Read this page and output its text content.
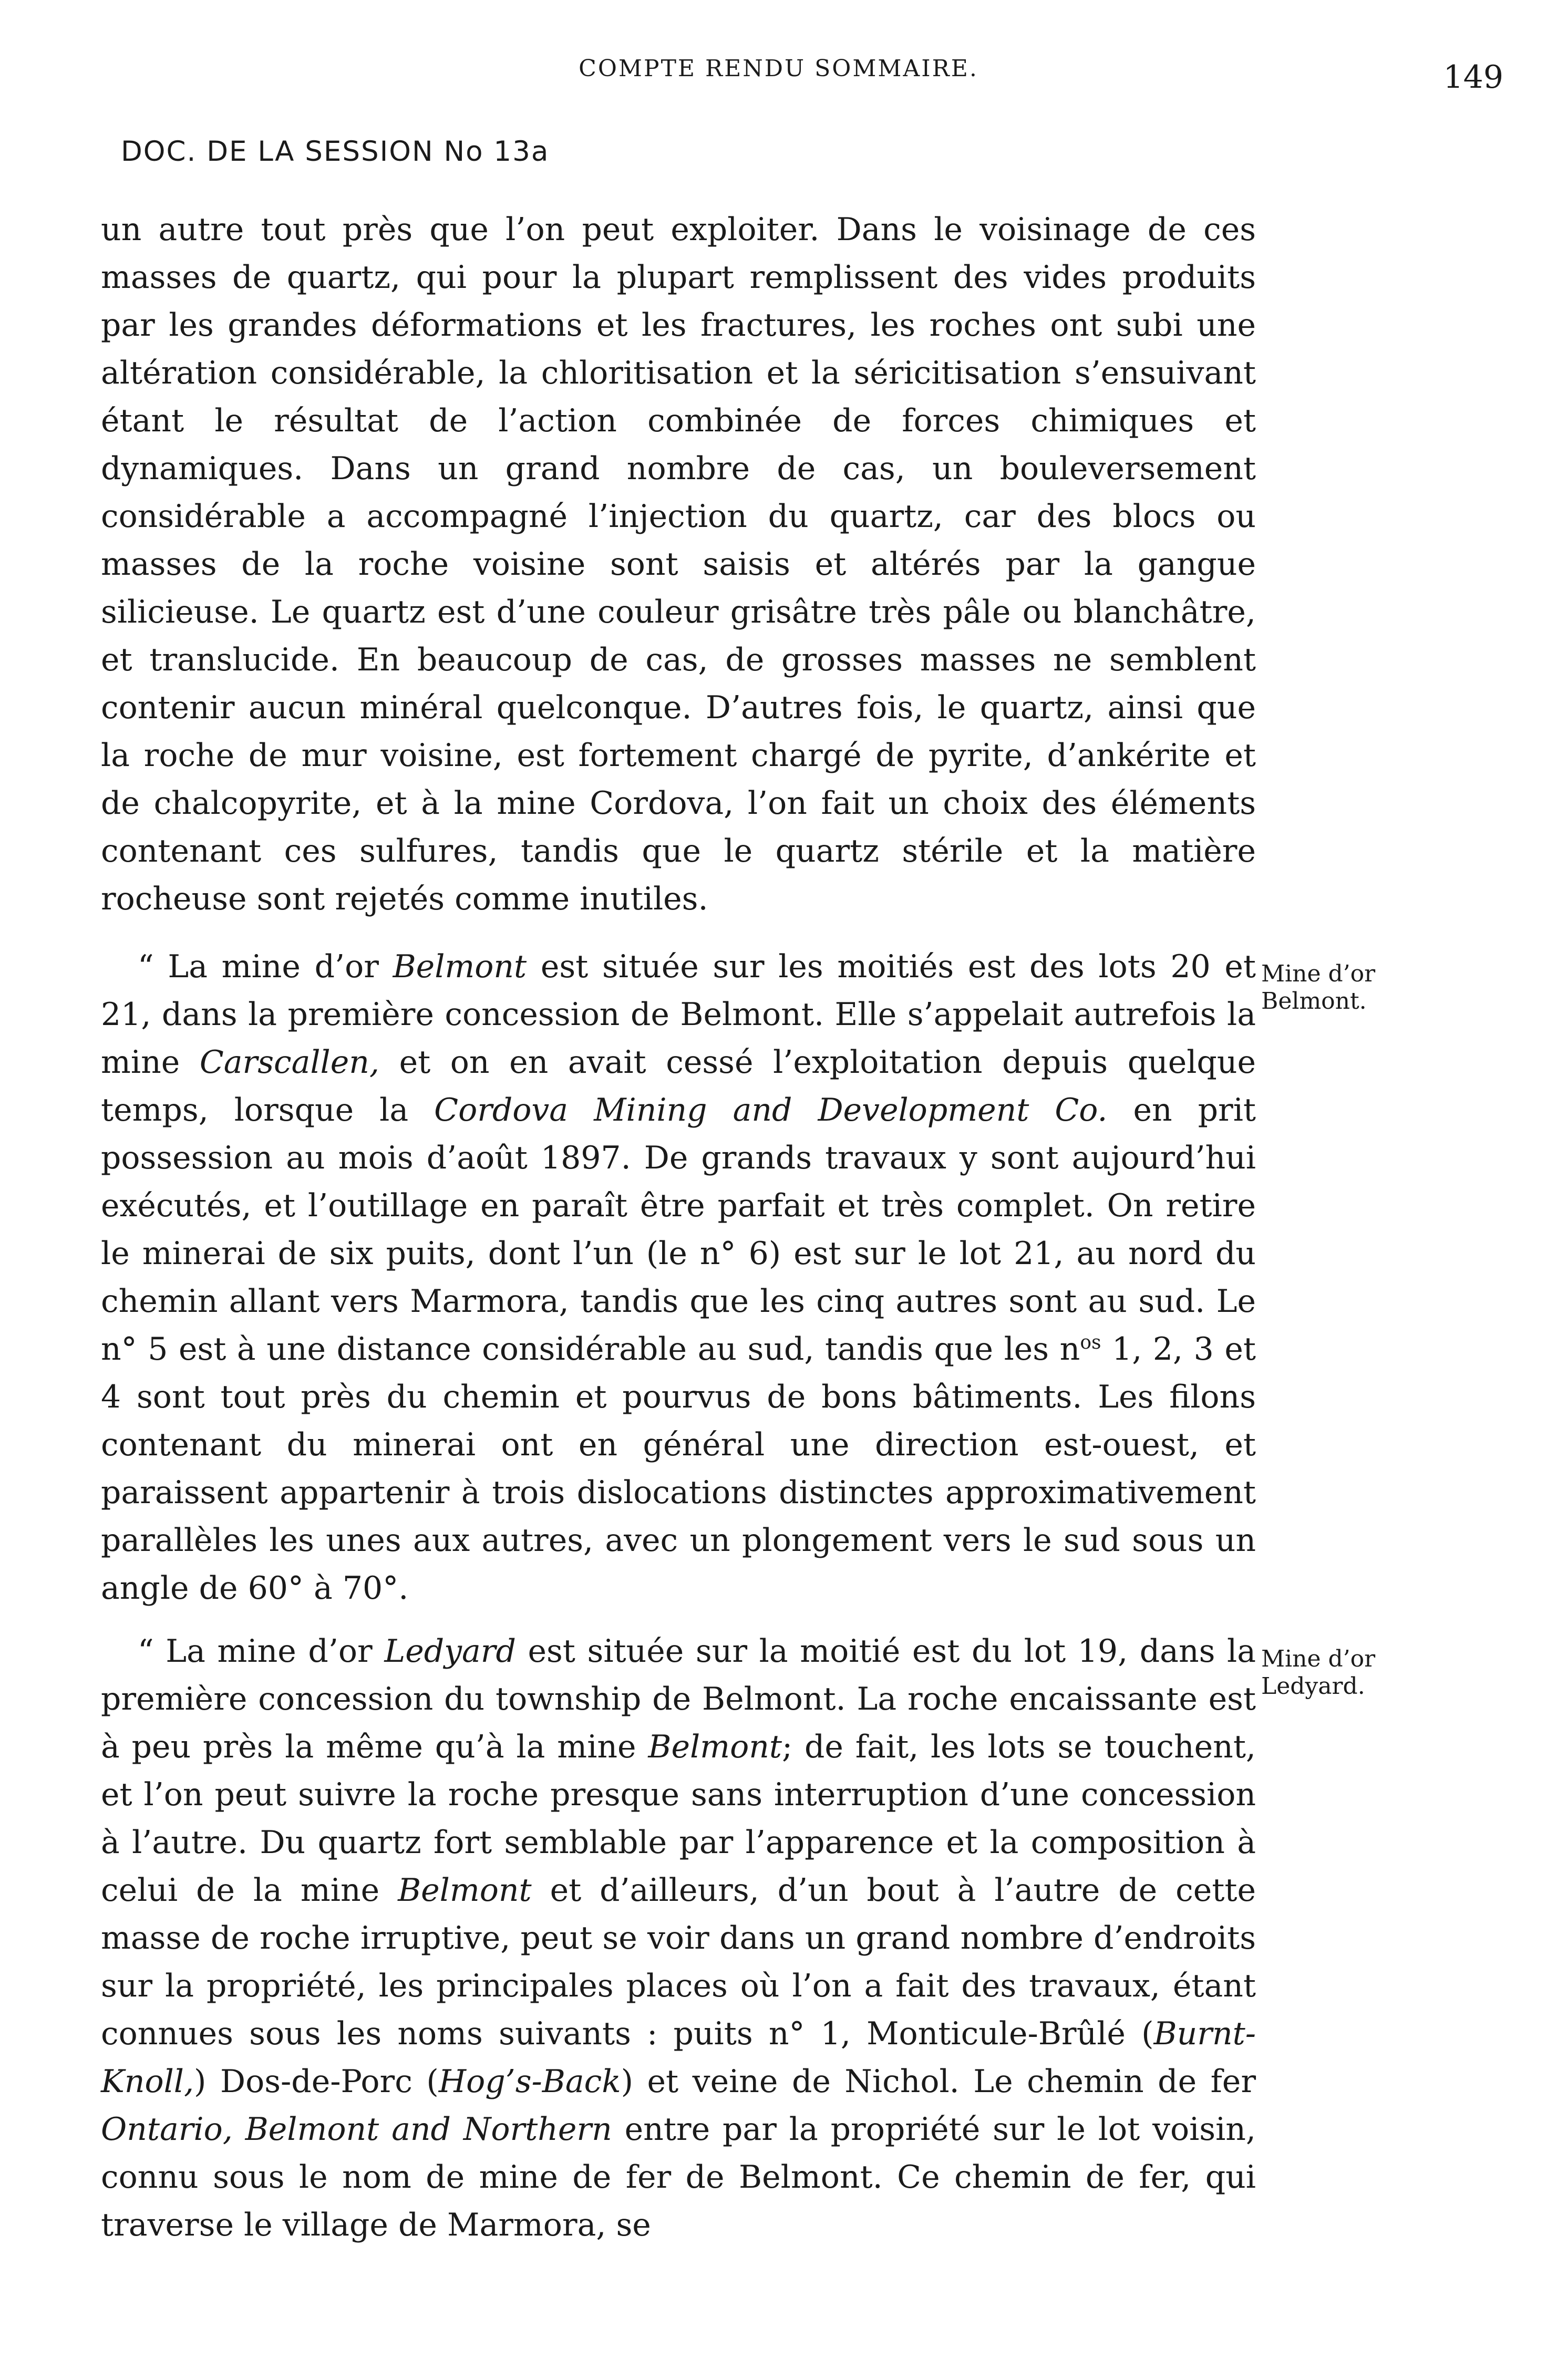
COMPTE RENDU SOMMAIRE.	149
DOC. DE LA SESSION No 13a

un autre tout près que l’on peut exploiter. Dans le voisinage de ces masses de quartz, qui pour la plupart remplissent des vides produits par les grandes déformations et les fractures, les roches ont subi une altération considérable, la chloritisation et la séricitisation s’ensuivant étant le résultat de l’action combinée de forces chimiques et dynamiques. Dans un grand nombre de cas, un bouleversement considérable a accompagné l’injection du quartz, car des blocs ou masses de la roche voisine sont saisis et altérés par la gangue silicieuse. Le quartz est d’une couleur grisâtre très pâle ou blanchâtre, et translucide. En beaucoup de cas, de grosses masses ne semblent contenir aucun minéral quelconque. D’autres fois, le quartz, ainsi que la roche de mur voisine, est fortement chargé de pyrite, d’ankérite et de chalcopyrite, et à la mine Cordova, l’on fait un choix des éléments contenant ces sulfures, tandis que le quartz stérile et la matière rocheuse sont rejetés comme inutiles.

“ La mine d’or Belmont est située sur les moitiés est des lots 20 et 21, dans la première concession de Belmont. Elle s’appelait autrefois la mine Carscallen, et on en avait cessé l’exploitation depuis quelque temps, lorsque la Cordova Mining and Development Co. en prit possession au mois d’août 1897. De grands travaux y sont aujourd’hui exécutés, et l’outillage en paraît être parfait et très complet. On retire le minerai de six puits, dont l’un (le n° 6) est sur le lot 21, au nord du chemin allant vers Marmora, tandis que les cinq autres sont au sud. Le n° 5 est à une distance considérable au sud, tandis que les $n^{os}$ 1, 2, 3 et 4 sont tout près du chemin et pourvus de bons bâtiments. Les filons contenant du minerai ont en général une direction est-ouest, et paraissent appartenir à trois dislocations distinctes approximativement parallèles les unes aux autres, avec un plongement vers le sud sous un angle de 60° à 70°.

Mine d’or Belmont.

“ La mine d’or Ledyard est située sur la moitié est du lot 19, dans la première concession du township de Belmont. La roche encaissante est à peu près la même qu’à la mine Belmont; de fait, les lots se touchent, et l’on peut suivre la roche presque sans interruption d’une concession à l’autre. Du quartz fort semblable par l’apparence et la composition à celui de la mine Belmont et d’ailleurs, d’un bout à l’autre de cette masse de roche irruptive, peut se voir dans un grand nombre d’endroits sur la propriété, les principales places où l’on a fait des travaux, étant connues sous les noms suivants : puits n° 1, Monticule-Brûlé (Burnt-Knoll,) Dos-de-Porc (Hog’s-Back) et veine de Nichol. Le chemin de fer Ontario, Belmont and Northern entre par la propriété sur le lot voisin, connu sous le nom de mine de fer de Belmont. Ce chemin de fer, qui traverse le village de Marmora, se

Mine d’or Ledyard.
